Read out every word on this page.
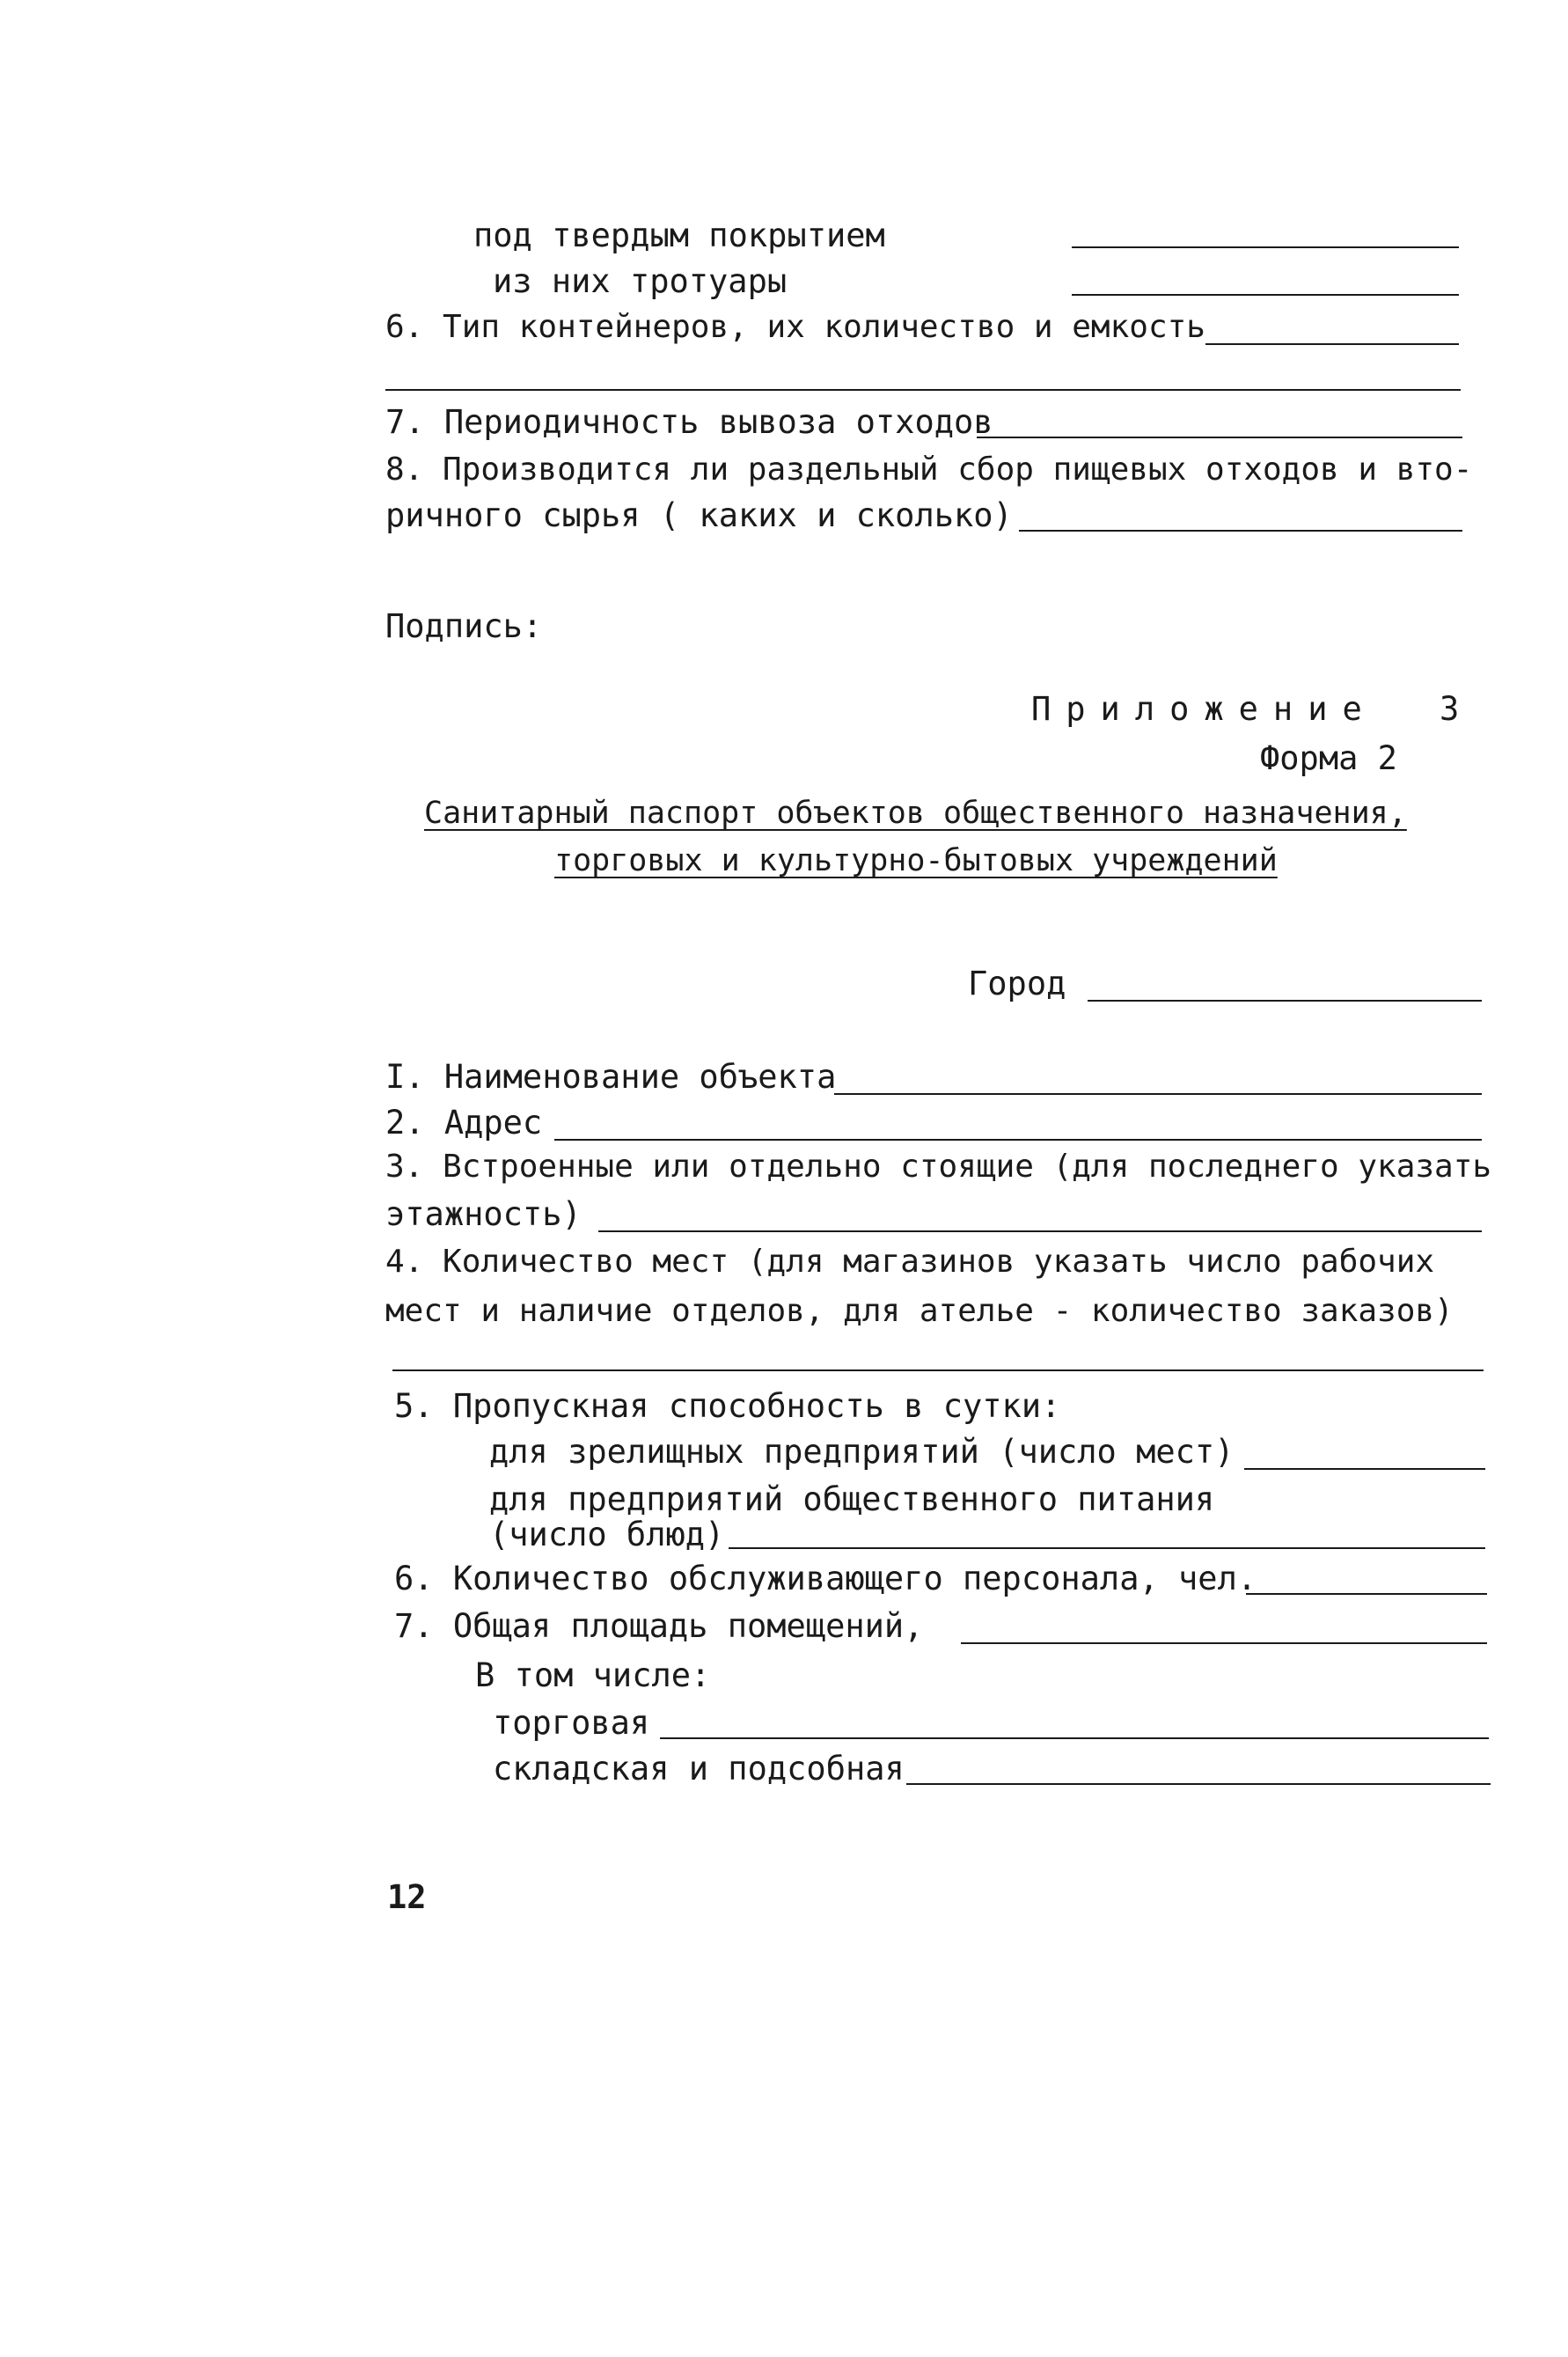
под твердым покрытием
из них тротуары
6. Тип контейнеров, их количество и емкость
7. Периодичность вывоза отходов
8. Производится ли раздельный сбор пищевых отходов и вто-
ричного сырья ( каких и сколько)
Подпись:
Приложение 3
Форма 2
Санитарный паспорт объектов общественного назначения,
торговых и культурно-бытовых учреждений
Город
I. Наименование объекта
2. Адрес
3. Встроенные или отдельно стоящие (для последнего указать
этажность)
4. Количество мест (для магазинов указать число рабочих
мест и наличие отделов, для ателье - количество заказов)
5. Пропускная способность в сутки:
для зрелищных предприятий (число мест)
для предприятий общественного питания
(число блюд)
6. Количество обслуживающего персонала, чел.
7. Общая площадь помещений,
В том числе:
торговая
складская и подсобная
12
